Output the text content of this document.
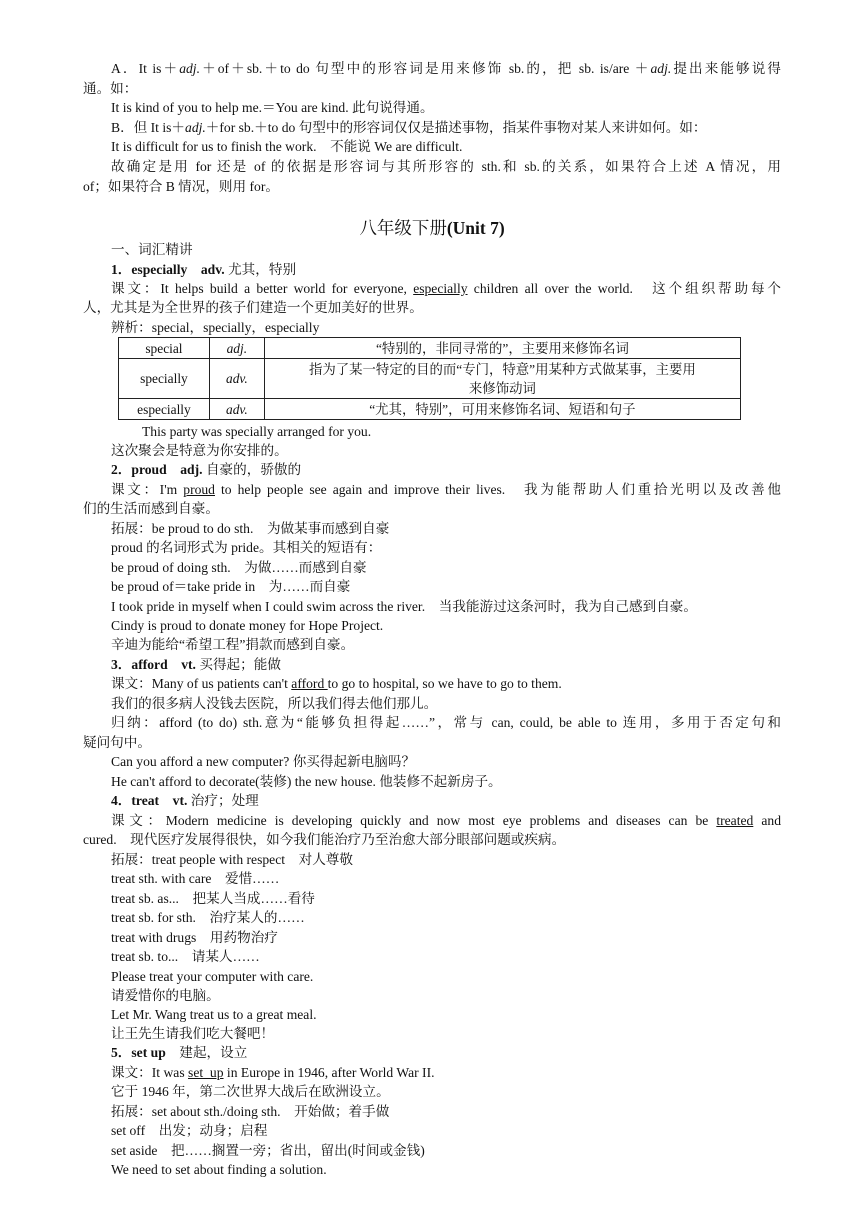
A．It is＋adj.＋of＋sb.＋to do 句型中的形容词是用来修饰 sb.的，把 sb. is/are ＋adj.提出来能够说得
通。如：
It is kind of you to help me.＝You are kind. 此句说得通。
B．但 It is＋adj.＋for sb.＋to do 句型中的形容词仅仅是描述事物，指某件事物对某人来讲如何。如：
It is difficult for us to finish the work.　不能说 We are difficult.
故确定是用 for 还是 of 的依据是形容词与其所形容的 sth.和 sb.的关系，如果符合上述 A 情况，用
of；如果符合 B 情况，则用 for。
八年级下册(Unit 7)
一、词汇精讲
1．especially　adv. 尤其，特别
课文：It helps build a better world for everyone, especially children all over the world.　这个组织帮助每个
人，尤其是为全世界的孩子们建造一个更加美好的世界。
辨析：special，specially，especially
special	adj.	“特别的，非同寻常的”，主要用来修饰名词
specially	adv.	指为了某一特定的目的而“专门，特意”用某种方式做某事，主要用
来修饰动词

especially	adv.	“尤其，特别”，可用来修饰名词、短语和句子
This party was specially arranged for you.
这次聚会是特意为你安排的。
2．proud　adj. 自豪的，骄傲的
课文：I'm proud to help people see again and improve their lives.　我为能帮助人们重拾光明以及改善他
们的生活而感到自豪。
拓展：be proud to do sth.　为做某事而感到自豪
proud 的名词形式为 pride。其相关的短语有：
be proud of doing sth.　为做……而感到自豪
be proud of＝take pride in　为……而自豪
I took pride in myself when I could swim across the river.　当我能游过这条河时，我为自己感到自豪。
Cindy is proud to donate money for Hope Project.
辛迪为能给“希望工程”捐款而感到自豪。
3．afford　vt. 买得起；能做
课文：Many of us patients can't afford to go to hospital, so we have to go to them.
我们的很多病人没钱去医院，所以我们得去他们那儿。
归纳：afford (to do) sth.意为“能够负担得起……”，常与 can, could, be able to 连用，多用于否定句和
疑问句中。
Can you afford a new computer? 你买得起新电脑吗？
He can't afford to decorate(装修) the new house. 他装修不起新房子。
4．treat　vt. 治疗；处理
课文：Modern medicine is developing quickly and now most eye problems and diseases can be treated and
cured.　现代医疗发展得很快，如今我们能治疗乃至治愈大部分眼部问题或疾病。
拓展：treat people with respect　对人尊敬
treat sth. with care　爱惜……
treat sb. as...　把某人当成……看待
treat sb. for sth.　治疗某人的……
treat with drugs　用药物治疗
treat sb. to...　请某人……
Please treat your computer with care.
请爱惜你的电脑。
Let Mr. Wang treat us to a great meal.
让王先生请我们吃大餐吧！
5．set up　建起，设立
课文：It was set  up in Europe in 1946, after World War II.
它于 1946 年，第二次世界大战后在欧洲设立。
拓展：set about sth./doing sth.　开始做；着手做
set off　出发；动身；启程
set aside　把……搁置一旁；省出，留出(时间或金钱)
We need to set about finding a solution.
